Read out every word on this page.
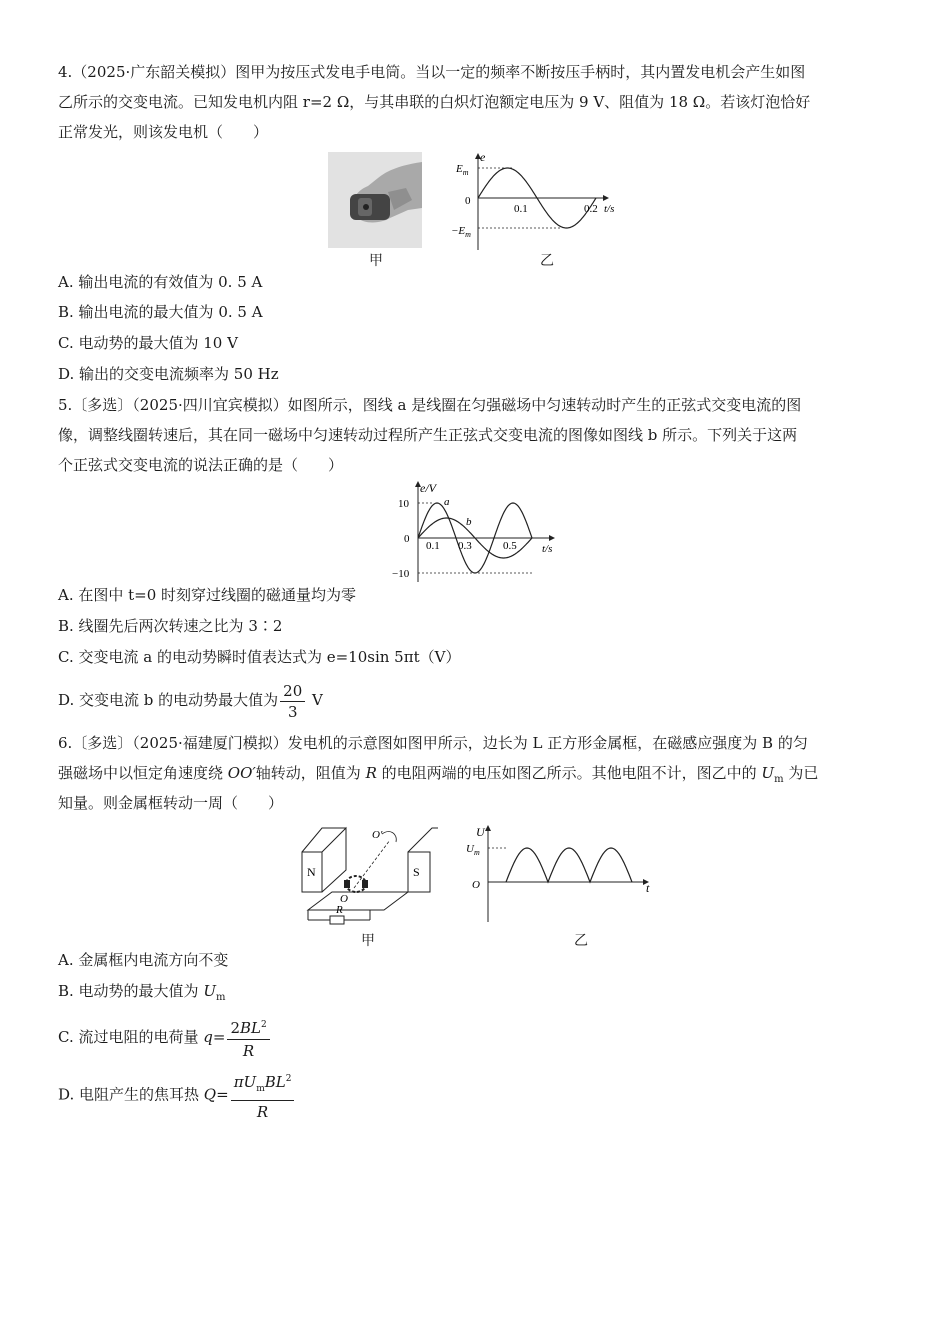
4.（2025·广东韶关模拟）图甲为按压式发电手电筒。当以一定的频率不断按压手柄时，其内置发电机会产生如图
乙所示的交变电流。已知发电机内阻 r=2 Ω，与其串联的白炽灯泡额定电压为 9 V、阻值为 18 Ω。若该灯泡恰好
正常发光，则该发电机（　　）
甲
e
$E_m$
$-E_m$
0
0.1	0.2 t/s
乙
A. 输出电流的有效值为 0. 5 A
B. 输出电流的最大值为 0. 5 A
C. 电动势的最大值为 10 V
D. 输出的交变电流频率为 50 Hz
5.〔多选〕（2025·四川宜宾模拟）如图所示，图线 a 是线圈在匀强磁场中匀速转动时产生的正弦式交变电流的图
像，调整线圈转速后，其在同一磁场中匀速转动过程所产生正弦式交变电流的图像如图线 b 所示。下列关于这两
个正弦式交变电流的说法正确的是（　　）
e/V
10
−10
0
0.1 0.3	0.5 t/s
a
b
A. 在图中 t=0 时刻穿过线圈的磁通量均为零
B. 线圈先后两次转速之比为 3∶2
C. 交变电流 a 的电动势瞬时值表达式为 e=10sin 5πt（V）
D. 交变电流 b 的电动势最大值为 $\frac{20}{3}$ V
6.〔多选〕（2025·福建厦门模拟）发电机的示意图如图甲所示，边长为 L 正方形金属框，在磁感应强度为 B 的匀
强磁场中以恒定角速度绕 OO′轴转动，阻值为 R 的电阻两端的电压如图乙所示。其他电阻不计，图乙中的 $U_m$ 为已
知量。则金属框转动一周（　　）
N	S
O′
O
R
甲
U
$U_m$
O	t
乙
A. 金属框内电流方向不变
B. 电动势的最大值为 $U_m$
C. 流过电阻的电荷量 $q= \frac{2BL^2}{R}$
D. 电阻产生的焦耳热 $Q= \frac{\pi U_mBL^2}{R}$
